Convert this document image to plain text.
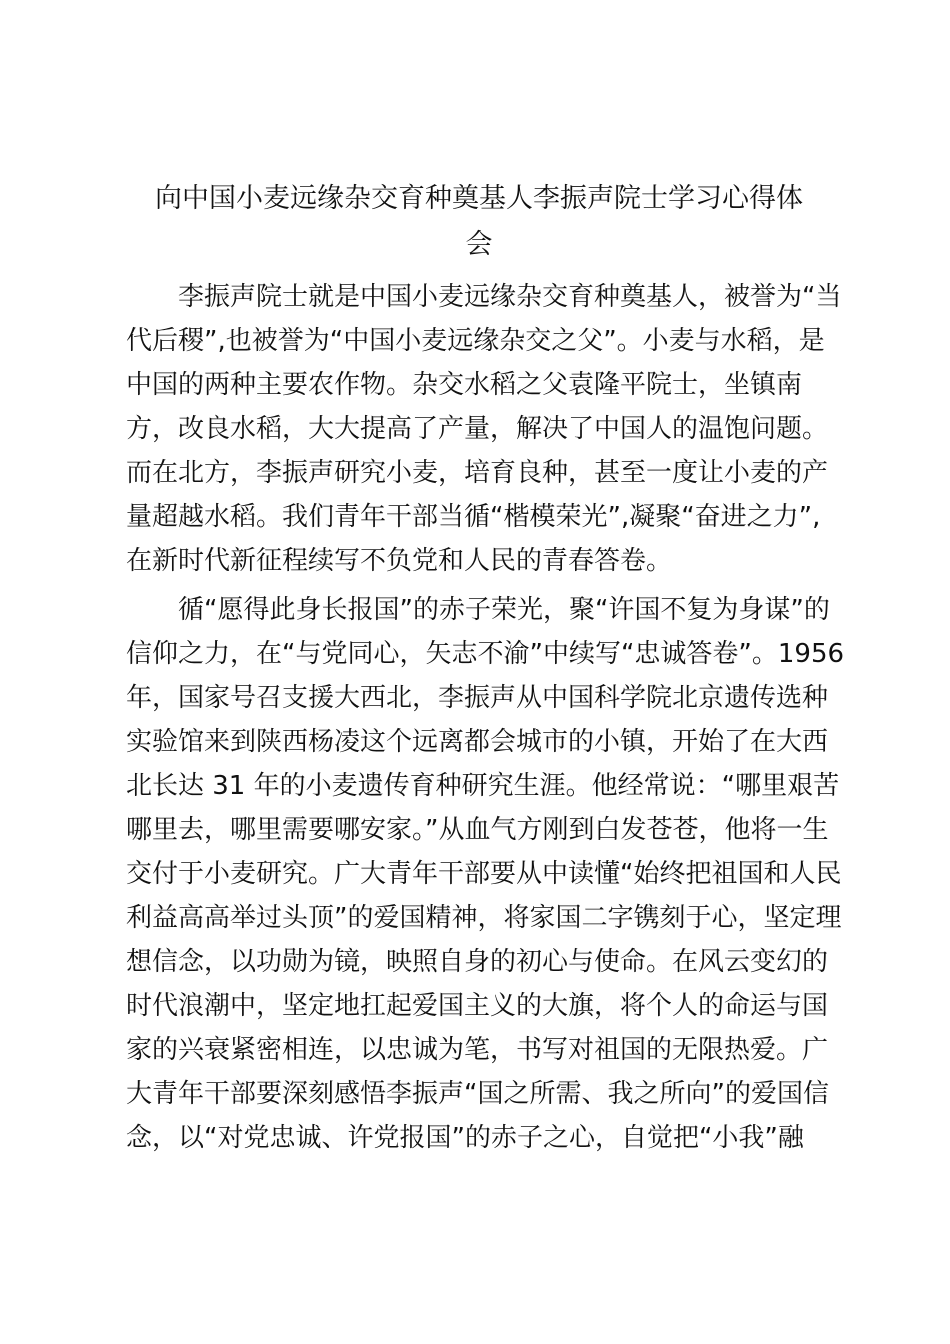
向中国小麦远缘杂交育种奠基人李振声院士学习心得体
会
李振声院士就是中国小麦远缘杂交育种奠基人，被誉为“当
代后稷”,也被誉为“中国小麦远缘杂交之父”。小麦与水稻，是
中国的两种主要农作物。杂交水稻之父袁隆平院士，坐镇南
方，改良水稻，大大提高了产量，解决了中国人的温饱问题。
而在北方，李振声研究小麦，培育良种，甚至一度让小麦的产
量超越水稻。我们青年干部当循“楷模荣光”,凝聚“奋进之力”,
在新时代新征程续写不负党和人民的青春答卷。
循“愿得此身长报国”的赤子荣光，聚“许国不复为身谋”的
信仰之力，在“与党同心，矢志不渝”中续写“忠诚答卷”。1956
年，国家号召支援大西北，李振声从中国科学院北京遗传选种
实验馆来到陕西杨凌这个远离都会城市的小镇，开始了在大西
北长达 31 年的小麦遗传育种研究生涯。他经常说：“哪里艰苦
哪里去，哪里需要哪安家。”从血气方刚到白发苍苍，他将一生
交付于小麦研究。广大青年干部要从中读懂“始终把祖国和人民
利益高高举过头顶”的爱国精神，将家国二字镌刻于心，坚定理
想信念，以功勋为镜，映照自身的初心与使命。在风云变幻的
时代浪潮中，坚定地扛起爱国主义的大旗，将个人的命运与国
家的兴衰紧密相连，以忠诚为笔，书写对祖国的无限热爱。广
大青年干部要深刻感悟李振声“国之所需、我之所向”的爱国信
念，以“对党忠诚、许党报国”的赤子之心，自觉把“小我”融
